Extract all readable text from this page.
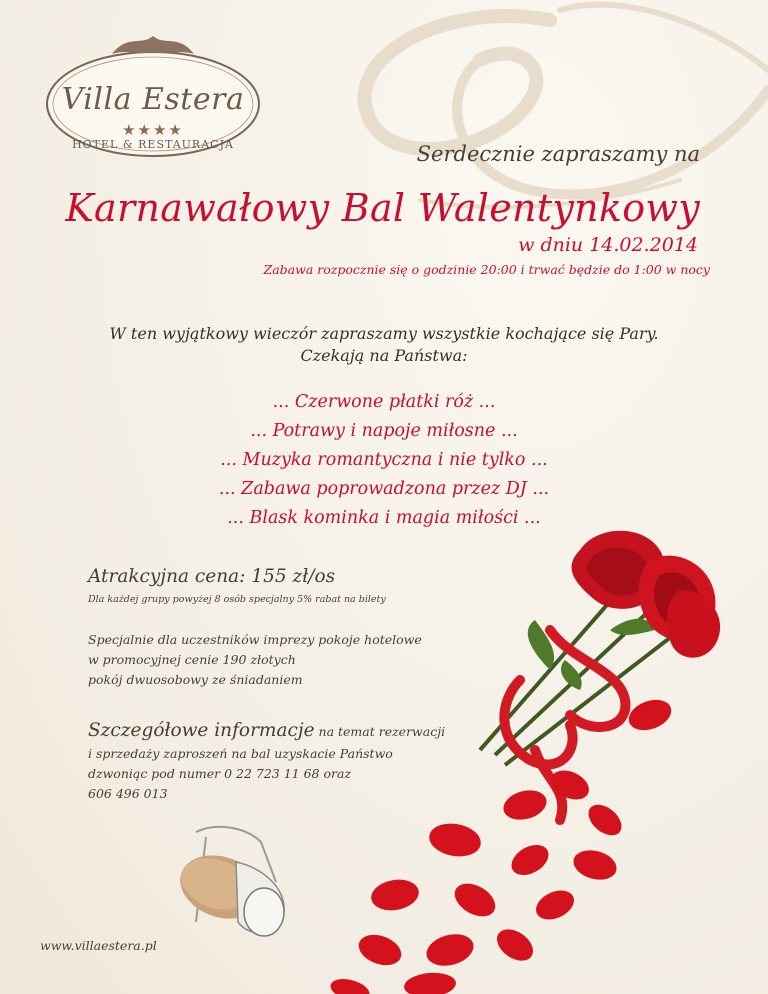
Villa Estera
★★★★
HOTEL & RESTAURACJA	Serdecznie zapraszamy na
Karnawałowy Bal Walentynkowy
w dniu 14.02.2014
Zabawa rozpocznie się o godzinie 20:00 i trwać będzie do 1:00 w nocy
W ten wyjątkowy wieczór zapraszamy wszystkie kochające się Pary.
Czekają na Państwa:
... Czerwone płatki róż ...
... Potrawy i napoje miłosne ...
... Muzyka romantyczna i nie tylko ...
... Zabawa poprowadzona przez DJ ...
... Blask kominka i magia miłości ...
Atrakcyjna cena: 155 zł/os
Dla każdej grupy powyżej 8 osób specjalny 5% rabat na bilety
Specjalnie dla uczestników imprezy pokoje hotelowe
w promocyjnej cenie 190 złotych
pokój dwuosobowy ze śniadaniem
Szczegółowe informacje na temat rezerwacji
i sprzedaży zaproszeń na bal uzyskacie Państwo
dzwoniąc pod numer 0 22 723 11 68 oraz
606 496 013
www.villaestera.pl
